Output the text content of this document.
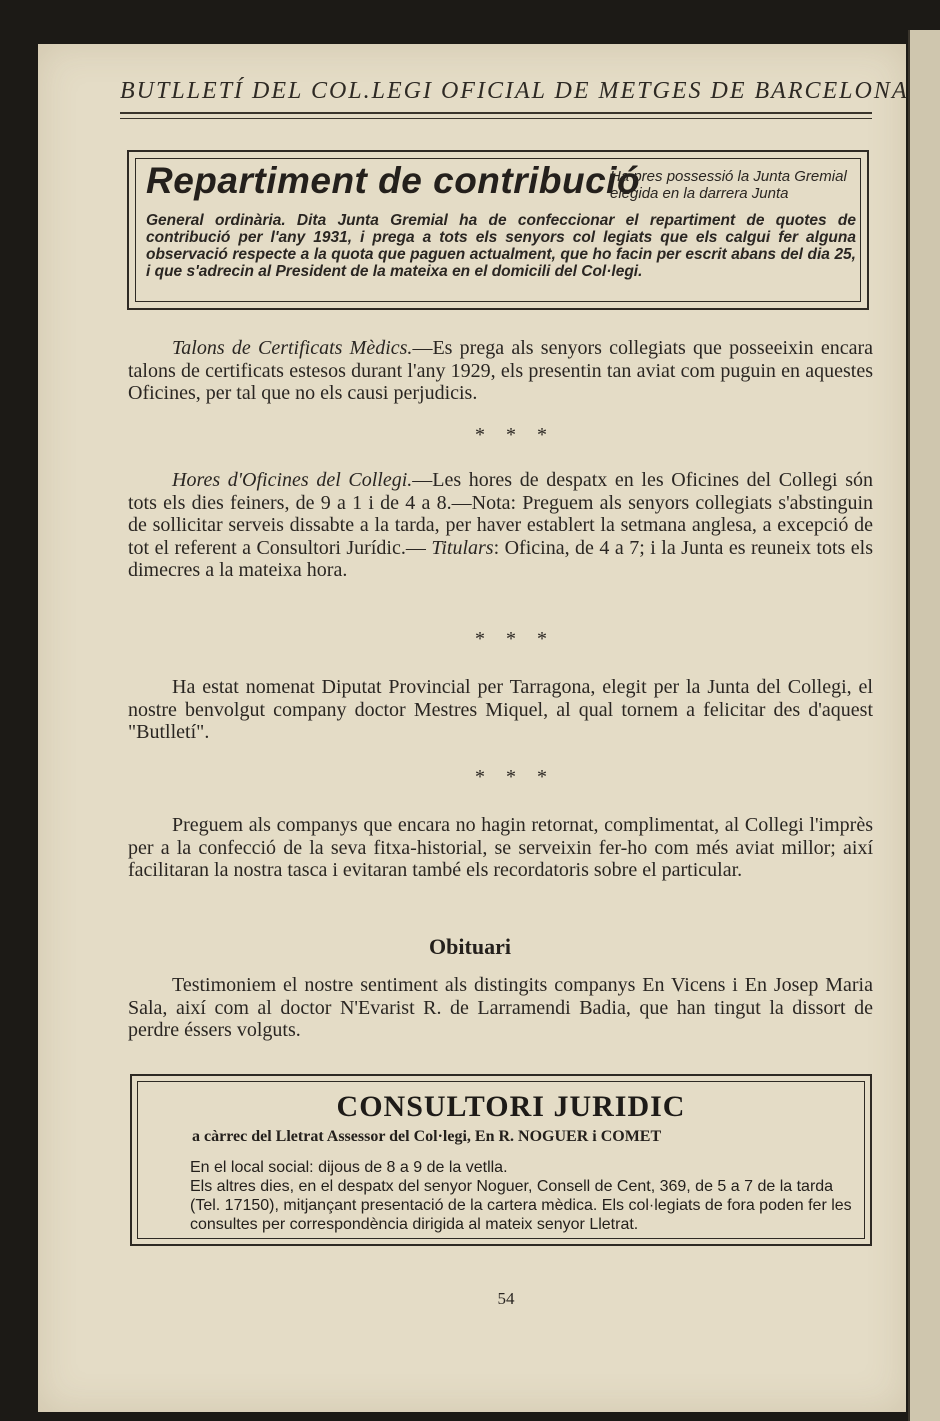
BUTLLETÍ DEL COL.LEGI OFICIAL DE METGES DE BARCELONA
Repartiment de contribució
Ha pres possessió la Junta Gremial elegida en la darrera Junta
General ordinària. Dita Junta Gremial ha de confeccionar el repartiment de quotes de contribució per l'any 1931, i prega a tots els senyors col legiats que els calgui fer alguna observació respecte a la quota que paguen actualment, que ho facin per escrit abans del dia 25, i que s'adrecin al President de la mateixa en el domicili del Col·legi.
Talons de Certificats Mèdics.—Es prega als senyors collegiats que posseeixin encara talons de certificats estesos durant l'any 1929, els presentin tan aviat com puguin en aquestes Oficines, per tal que no els causi perjudicis.
* * *
Hores d'Oficines del Collegi.—Les hores de despatx en les Oficines del Collegi són tots els dies feiners, de 9 a 1 i de 4 a 8.—Nota: Preguem als senyors collegiats s'abstinguin de sollicitar serveis dissabte a la tarda, per haver establert la setmana anglesa, a excepció de tot el referent a Consultori Jurídic.— Titulars: Oficina, de 4 a 7; i la Junta es reuneix tots els dimecres a la mateixa hora.
* * *
Ha estat nomenat Diputat Provincial per Tarragona, elegit per la Junta del Collegi, el nostre benvolgut company doctor Mestres Miquel, al qual tornem a felicitar des d'aquest "Butlletí".
* * *
Preguem als companys que encara no hagin retornat, complimentat, al Collegi l'imprès per a la confecció de la seva fitxa-historial, se serveixin fer-ho com més aviat millor; així facilitaran la nostra tasca i evitaran també els recordatoris sobre el particular.
Obituari
Testimoniem el nostre sentiment als distingits companys En Vicens i En Josep Maria Sala, així com al doctor N'Evarist R. de Larramendi Badia, que han tingut la dissort de perdre éssers volguts.
CONSULTORI JURIDIC
a càrrec del Lletrat Assessor del Col·legi, En R. NOGUER i COMET
En el local social: dijous de 8 a 9 de la vetlla.
Els altres dies, en el despatx del senyor Noguer, Consell de Cent, 369, de 5 a 7 de la tarda (Tel. 17150), mitjançant presentació de la cartera mèdica. Els col·legiats de fora poden fer les consultes per correspondència dirigida al mateix senyor Lletrat.
54
